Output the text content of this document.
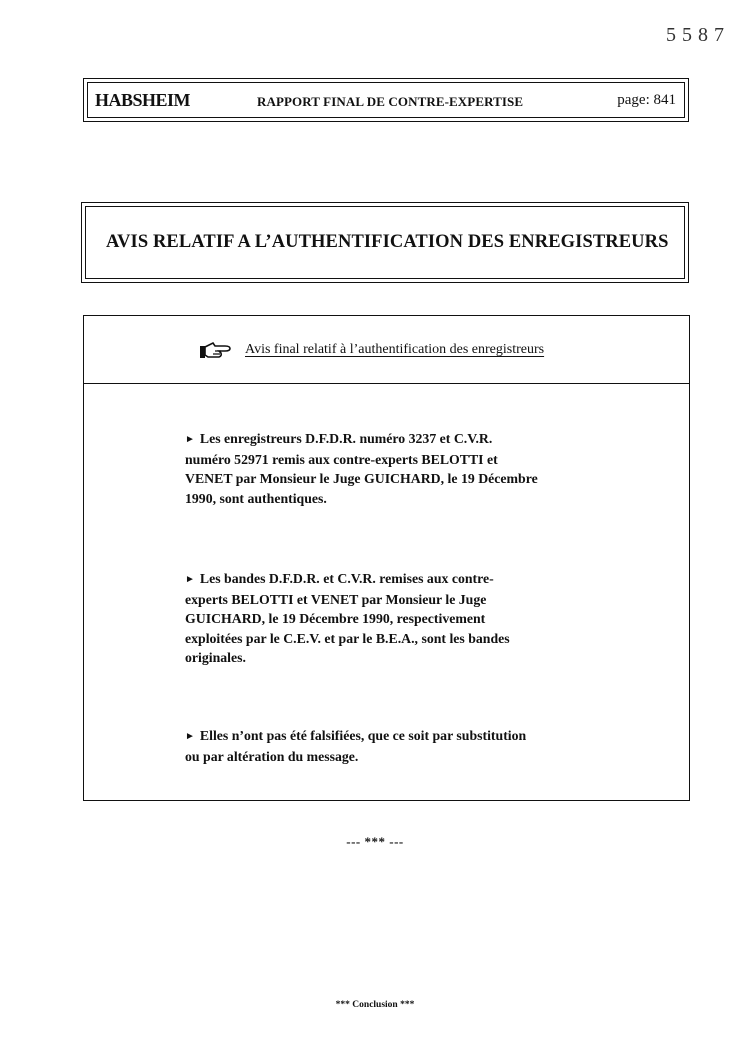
5587
HABSHEIM	RAPPORT FINAL DE CONTRE-EXPERTISE	page: 841
AVIS RELATIF A L’AUTHENTIFICATION DES ENREGISTREURS
Avis final relatif à l’authentification des enregistreurs
► Les enregistreurs D.F.D.R. numéro 3237 et C.V.R.
numéro 52971 remis aux contre-experts BELOTTI et
VENET par Monsieur le Juge GUICHARD, le 19 Décembre
1990, sont authentiques.
► Les bandes D.F.D.R. et C.V.R. remises aux contre-
experts BELOTTI et VENET par Monsieur le Juge
GUICHARD, le 19 Décembre 1990, respectivement
exploitées par le C.E.V. et par le B.E.A., sont les bandes
originales.
► Elles n’ont pas été falsifiées, que ce soit par substitution
ou par altération du message.
--- *** ---
*** Conclusion ***
